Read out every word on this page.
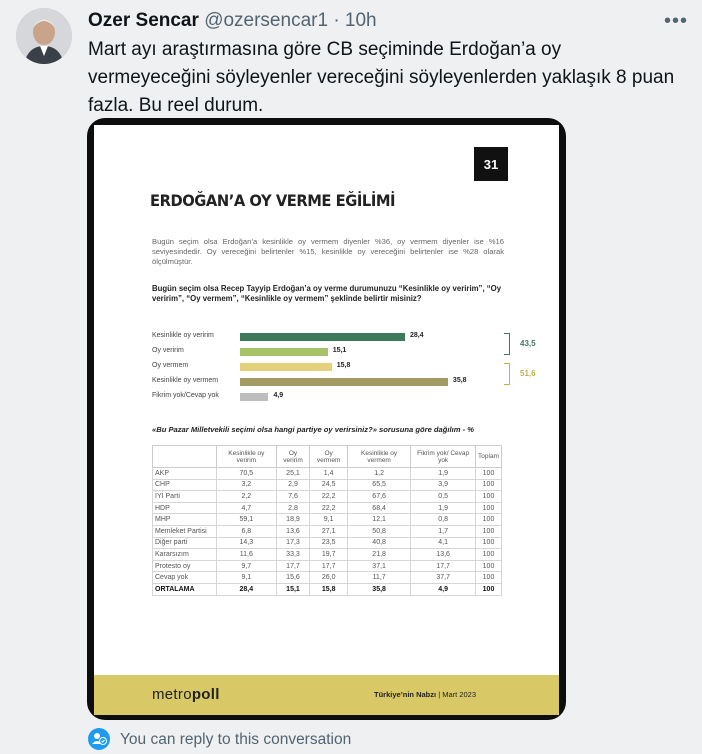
Ozer Sencar @ozersencar1 · 10h	•••
Mart ayı araştırmasına göre CB seçiminde Erdoğan’a oy vermeyeceğini söyleyenler vereceğini söyleyenlerden yaklaşık 8 puan fazla. Bu reel durum.
31
ERDOĞAN’A OY VERME EĞİLİMİ
Bugün seçim olsa Erdoğan’a kesinlikle oy vermem diyenler %36, oy vermem diyenler ise %16 seviyesindedir. Oy vereceğini belirtenler %15, kesinlikle oy vereceğini belirtenler ise %28 olarak ölçülmüştür.
Bugün seçim olsa Recep Tayyip Erdoğan’a oy verme durumunuzu “Kesinlikle oy veririm”, “Oy veririm”, “Oy vermem”, “Kesinlikle oy vermem” şeklinde belirtir misiniz?
Kesinlikle oy veririm	28,4
Oy veririm	15,1
Oy vermem	15,8
Kesinlikle oy vermem	35,8
Fikrim yok/Cevap yok	4,9
43,5
51,6
«Bu Pazar Milletvekili seçimi olsa hangi partiye oy verirsiniz?» sorusuna göre dağılım - %
	Kesinlikle oy veririm	Oy veririm	Oy vermem	Kesinlikle oy vermem	Fikrim yok/ Cevap yok	Toplam
AKP	70,5	25,1	1,4	1,2	1,9	100
CHP	3,2	2,9	24,5	65,5	3,9	100
İYİ Parti	2,2	7,6	22,2	67,6	0,5	100
HDP	4,7	2,8	22,2	68,4	1,9	100
MHP	59,1	18,9	9,1	12,1	0,8	100
Memleket Partisi	6,8	13,6	27,1	50,8	1,7	100
Diğer parti	14,3	17,3	23,5	40,8	4,1	100
Kararsızım	11,6	33,3	19,7	21,8	13,6	100
Protesto oy	9,7	17,7	17,7	37,1	17,7	100
Cevap yok	9,1	15,6	26,0	11,7	37,7	100
ORTALAMA	28,4	15,1	15,8	35,8	4,9	100
metropoll	Türkiye’nin Nabzı | Mart 2023
You can reply to this conversation
